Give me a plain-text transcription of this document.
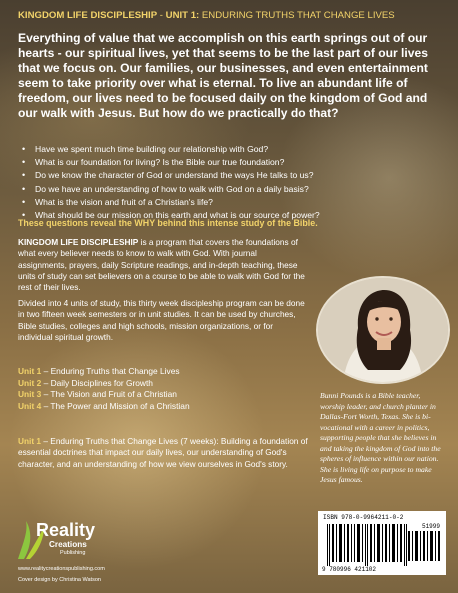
KINGDOM LIFE DISCIPLESHIP - UNIT 1: ENDURING TRUTHS THAT CHANGE LIVES
Everything of value that we accomplish on this earth springs out of our hearts - our spiritual lives, yet that seems to be the last part of our lives that we focus on. Our families, our businesses, and even entertainment seem to take priority over what is eternal. To live an abundant life of freedom, our lives need to be focused daily on the kingdom of God and our walk with Jesus. But how do we practically do that?
• Have we spent much time building our relationship with God?
• What is our foundation for living? Is the Bible our true foundation?
• Do we know the character of God or understand the ways He talks to us?
• Do we have an understanding of how to walk with God on a daily basis?
• What is the vision and fruit of a Christian's life?
• What should be our mission on this earth and what is our source of power?
These questions reveal the WHY behind this intense study of the Bible.
KINGDOM LIFE DISCIPLESHIP is a program that covers the foundations of what every believer needs to know to walk with God. With journal assignments, prayers, daily Scripture readings, and in-depth teaching, these units of study can set believers on a course to be able to walk with God for the rest of their lives.
Divided into 4 units of study, this thirty week discipleship program can be done in two fifteen week semesters or in unit studies. It can be used by churches, Bible studies, colleges and high schools, mission organizations, or for individual spiritual growth.
Unit 1 – Enduring Truths that Change Lives
Unit 2 – Daily Disciplines for Growth
Unit 3 – The Vision and Fruit of a Christian
Unit 4 – The Power and Mission of a Christian
Unit 1 – Enduring Truths that Change Lives (7 weeks): Building a foundation of essential doctrines that impact our daily lives, our understanding of God's character, and an understanding of how we view ourselves in God's story.
Bunni Pounds is a Bible teacher, worship leader, and church planter in Dallas-Fort Worth, Texas. She is bi-vocational with a career in politics, supporting people that she believes in and taking the kingdom of God into the spheres of influence within our nation. She is living life on purpose to make Jesus famous.
ISBN 978-0-9964211-0-2
51999
9 780996 421102
Reality
Creations
Publishing
www.realitycreationspublishing.com
Cover design by Christina Watson
